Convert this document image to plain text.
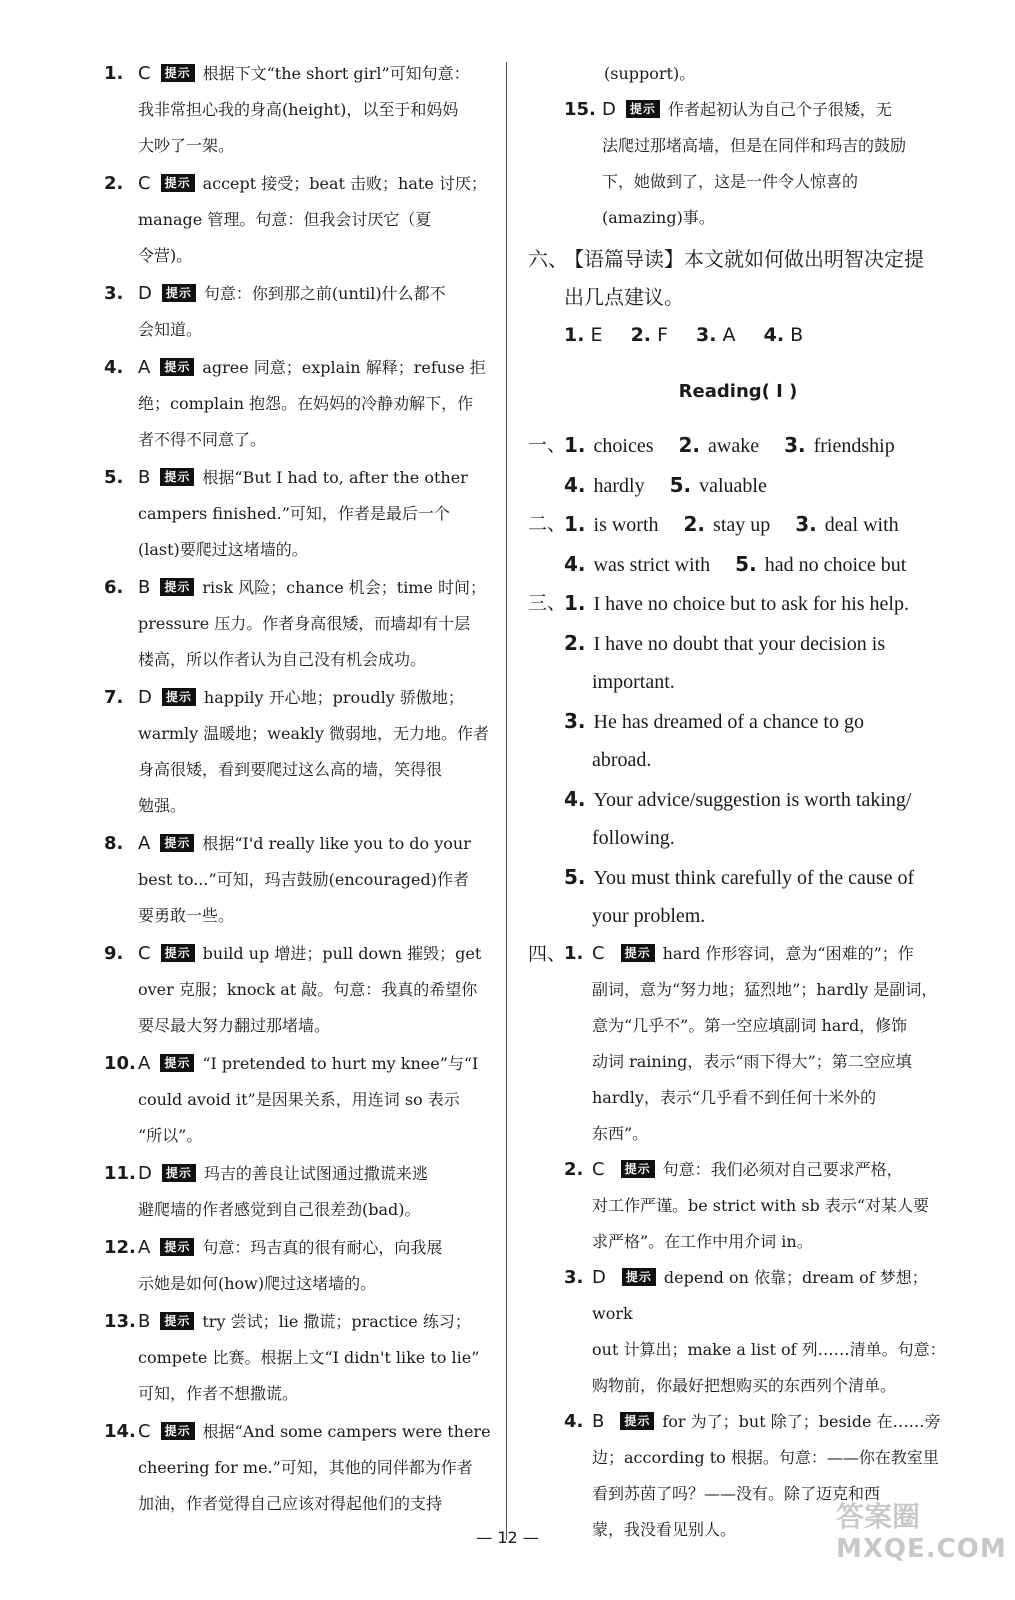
1. C 提示 根据下文“the short girl”可知句意：
我非常担心我的身高(height)，以至于和妈妈
大吵了一架。
2. C 提示 accept 接受；beat 击败；hate 讨厌；
manage 管理。句意：但我会讨厌它（夏
令营)。
3. D 提示 句意：你到那之前(until)什么都不
会知道。
4. A 提示 agree 同意；explain 解释；refuse 拒
绝；complain 抱怨。在妈妈的冷静劝解下，作
者不得不同意了。
5. B 提示 根据“But I had to, after the other
campers finished.”可知，作者是最后一个
(last)要爬过这堵墙的。
6. B 提示 risk 风险；chance 机会；time 时间；
pressure 压力。作者身高很矮，而墙却有十层
楼高，所以作者认为自己没有机会成功。
7. D 提示 happily 开心地；proudly 骄傲地；
warmly 温暖地；weakly 微弱地，无力地。作者
身高很矮，看到要爬过这么高的墙，笑得很
勉强。
8. A 提示 根据“I'd really like you to do your
best to...”可知，玛吉鼓励(encouraged)作者
要勇敢一些。
9. C 提示 build up 增进；pull down 摧毁；get
over 克服；knock at 敲。句意：我真的希望你
要尽最大努力翻过那堵墙。
10. A 提示 “I pretended to hurt my knee”与“I
could avoid it”是因果关系，用连词 so 表示
“所以”。
11. D 提示 玛吉的善良让试图通过撒谎来逃
避爬墙的作者感觉到自己很差劲(bad)。
12. A 提示 句意：玛吉真的很有耐心，向我展
示她是如何(how)爬过这堵墙的。
13. B 提示 try 尝试；lie 撒谎；practice 练习；
compete 比赛。根据上文“I didn't like to lie”
可知，作者不想撒谎。
14. C 提示 根据“And some campers were there
cheering for me.”可知，其他的同伴都为作者
加油，作者觉得自己应该对得起他们的支持
(support)。
15. D 提示 作者起初认为自己个子很矮，无
法爬过那堵高墙，但是在同伴和玛吉的鼓励
下，她做到了，这是一件令人惊喜的
(amazing)事。
六、
【语篇导读】本文就如何做出明智决定提
出几点建议。
1. E 2. F 3. A 4. B
Reading( Ⅰ )
一、
1. choices 2. awake 3. friendship
4. hardly 5. valuable
二、
1. is worth 2. stay up 3. deal with
4. was strict with 5. had no choice but
三、
1. I have no choice but to ask for his help.
2. I have no doubt that your decision is
important.
3. He has dreamed of a chance to go
abroad.
4. Your advice/suggestion is worth taking/
following.
5. You must think carefully of the cause of
your problem.
四、
1. C 提示 hard 作形容词，意为“困难的”；作
副词，意为“努力地；猛烈地”；hardly 是副词，
意为“几乎不”。第一空应填副词 hard，修饰
动词 raining，表示“雨下得大”；第二空应填
hardly，表示“几乎看不到任何十米外的
东西”。
2. C 提示 句意：我们必须对自己要求严格，
对工作严谨。be strict with sb 表示“对某人要
求严格”。在工作中用介词 in。
3. D 提示 depend on 依靠；dream of 梦想；work
out 计算出；make a list of 列……清单。句意：
购物前，你最好把想购买的东西列个清单。
4. B 提示 for 为了；but 除了；beside 在……旁
边；according to 根据。句意：——你在教室里
看到苏茵了吗？——没有。除了迈克和西
蒙，我没看见别人。
— 12 —
答案圈
MXQE.COM
